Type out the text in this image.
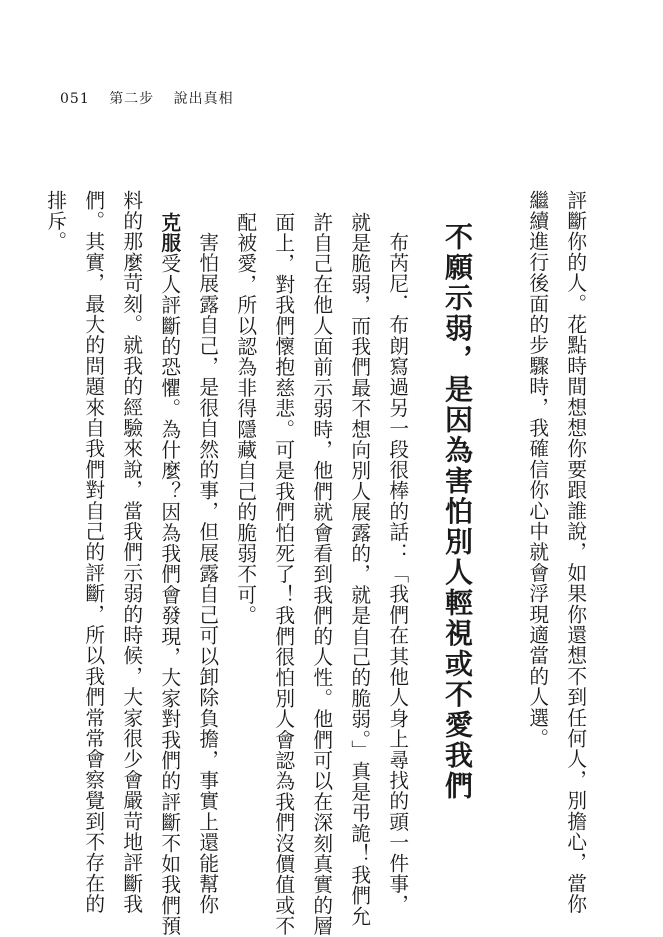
051 第二步 說出真相
評斷你的人。花點時間想想你要跟誰說，如果你還想不到任何人，別擔心，當你
繼續進行後面的步驟時，我確信你心中就會浮現適當的人選。
不願示弱，是因為害怕別人輕視或不愛我們
布芮尼．布朗寫過另一段很棒的話：「我們在其他人身上尋找的頭一件事，
就是脆弱，而我們最不想向別人展露的，就是自己的脆弱。」真是弔詭！我們允
許自己在他人面前示弱時，他們就會看到我們的人性。他們可以在深刻真實的層
面上，對我們懷抱慈悲。可是我們怕死了！我們很怕別人會認為我們沒價值或不
配被愛，所以認為非得隱藏自己的脆弱不可。
害怕展露自己，是很自然的事，但展露自己可以卸除負擔，事實上還能幫你
克服受人評斷的恐懼。為什麼？因為我們會發現，大家對我們的評斷不如我們預
料的那麼苛刻。就我的經驗來說，當我們示弱的時候，大家很少會嚴苛地評斷我
們。其實，最大的問題來自我們對自己的評斷，所以我們常常會察覺到不存在的
排斥。
